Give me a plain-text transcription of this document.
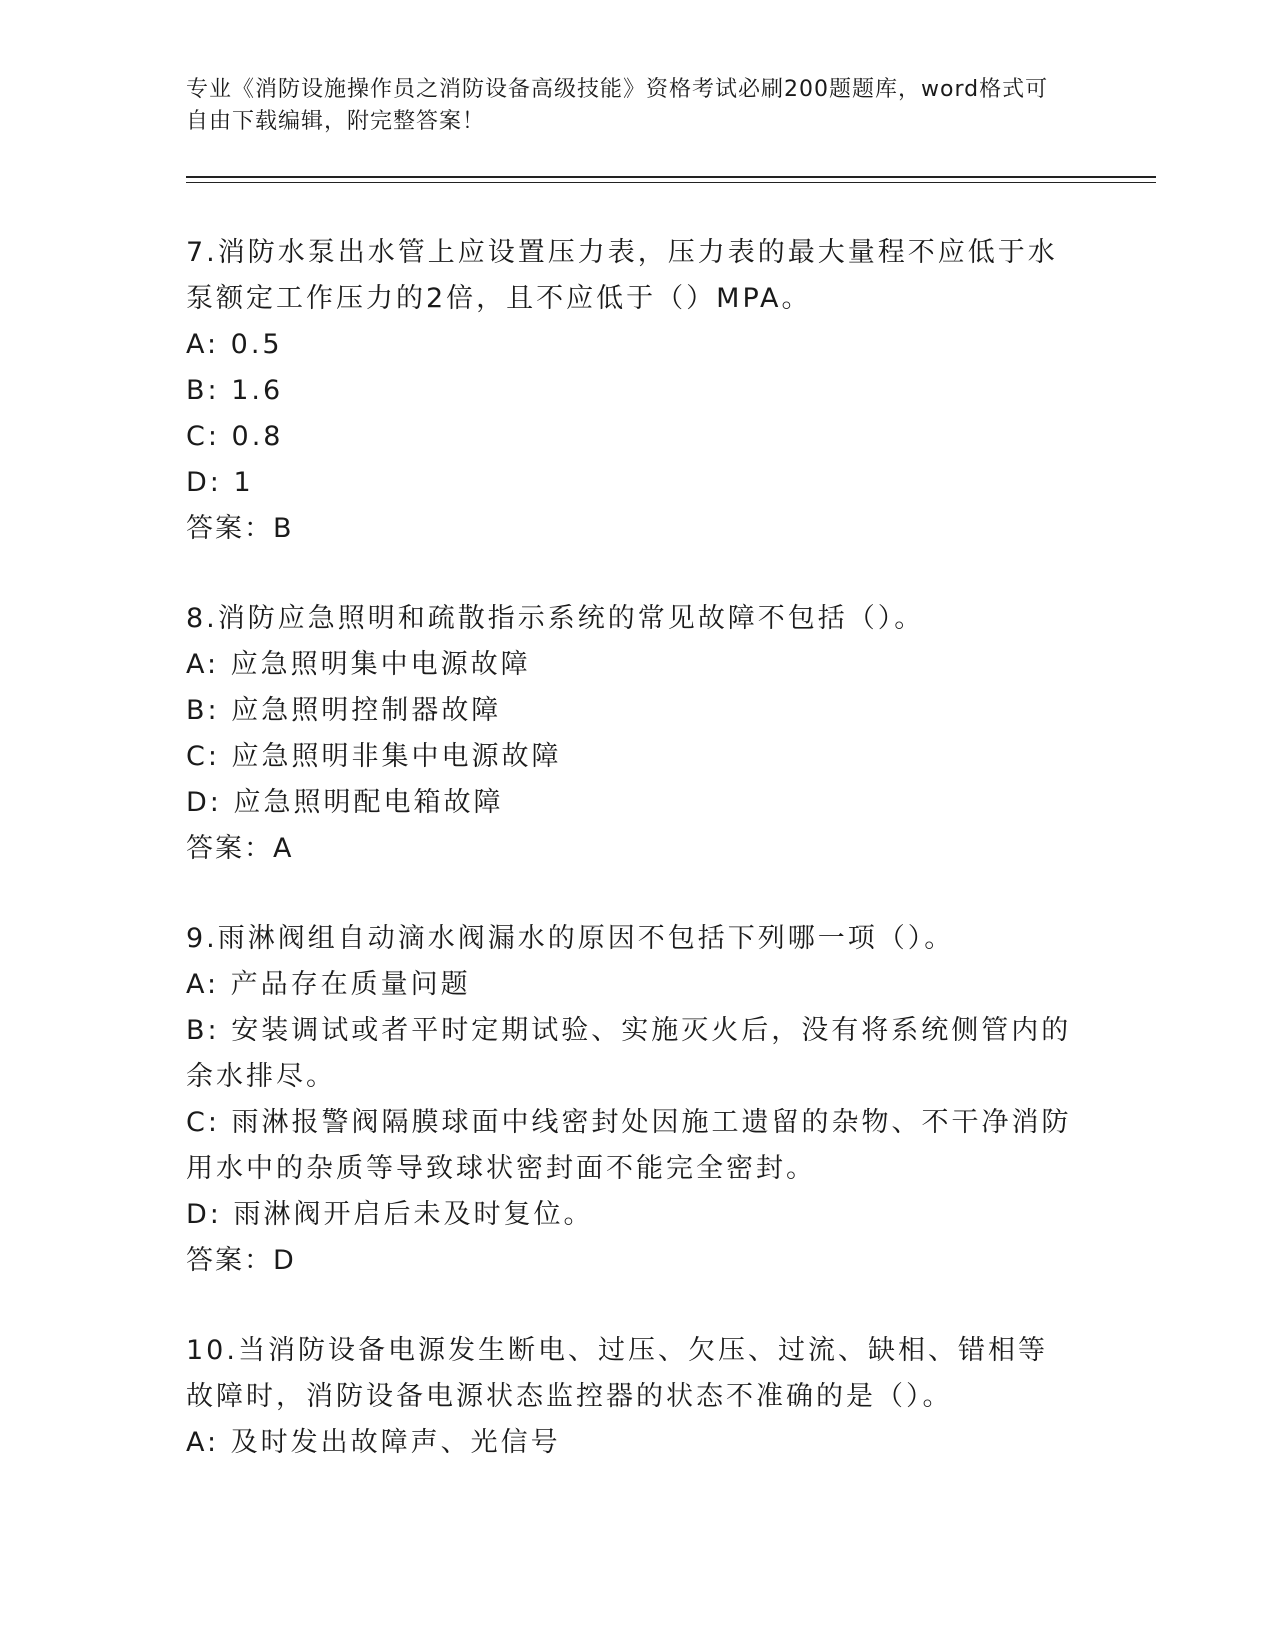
专业《消防设施操作员之消防设备高级技能》资格考试必刷200题题库，word格式可自由下载编辑，附完整答案！

7.消防水泵出水管上应设置压力表，压力表的最大量程不应低于水泵额定工作压力的2倍，且不应低于（）MPA。

A: 0.5

B: 1.6

C: 0.8

D: 1

答案：B

8.消防应急照明和疏散指示系统的常见故障不包括（）。

A: 应急照明集中电源故障

B: 应急照明控制器故障

C: 应急照明非集中电源故障

D: 应急照明配电箱故障

答案：A

9.雨淋阀组自动滴水阀漏水的原因不包括下列哪一项（）。

A: 产品存在质量问题

B: 安装调试或者平时定期试验、实施灭火后，没有将系统侧管内的余水排尽。

C: 雨淋报警阀隔膜球面中线密封处因施工遗留的杂物、不干净消防用水中的杂质等导致球状密封面不能完全密封。

D: 雨淋阀开启后未及时复位。

答案：D

10.当消防设备电源发生断电、过压、欠压、过流、缺相、错相等故障时，消防设备电源状态监控器的状态不准确的是（）。

A: 及时发出故障声、光信号
